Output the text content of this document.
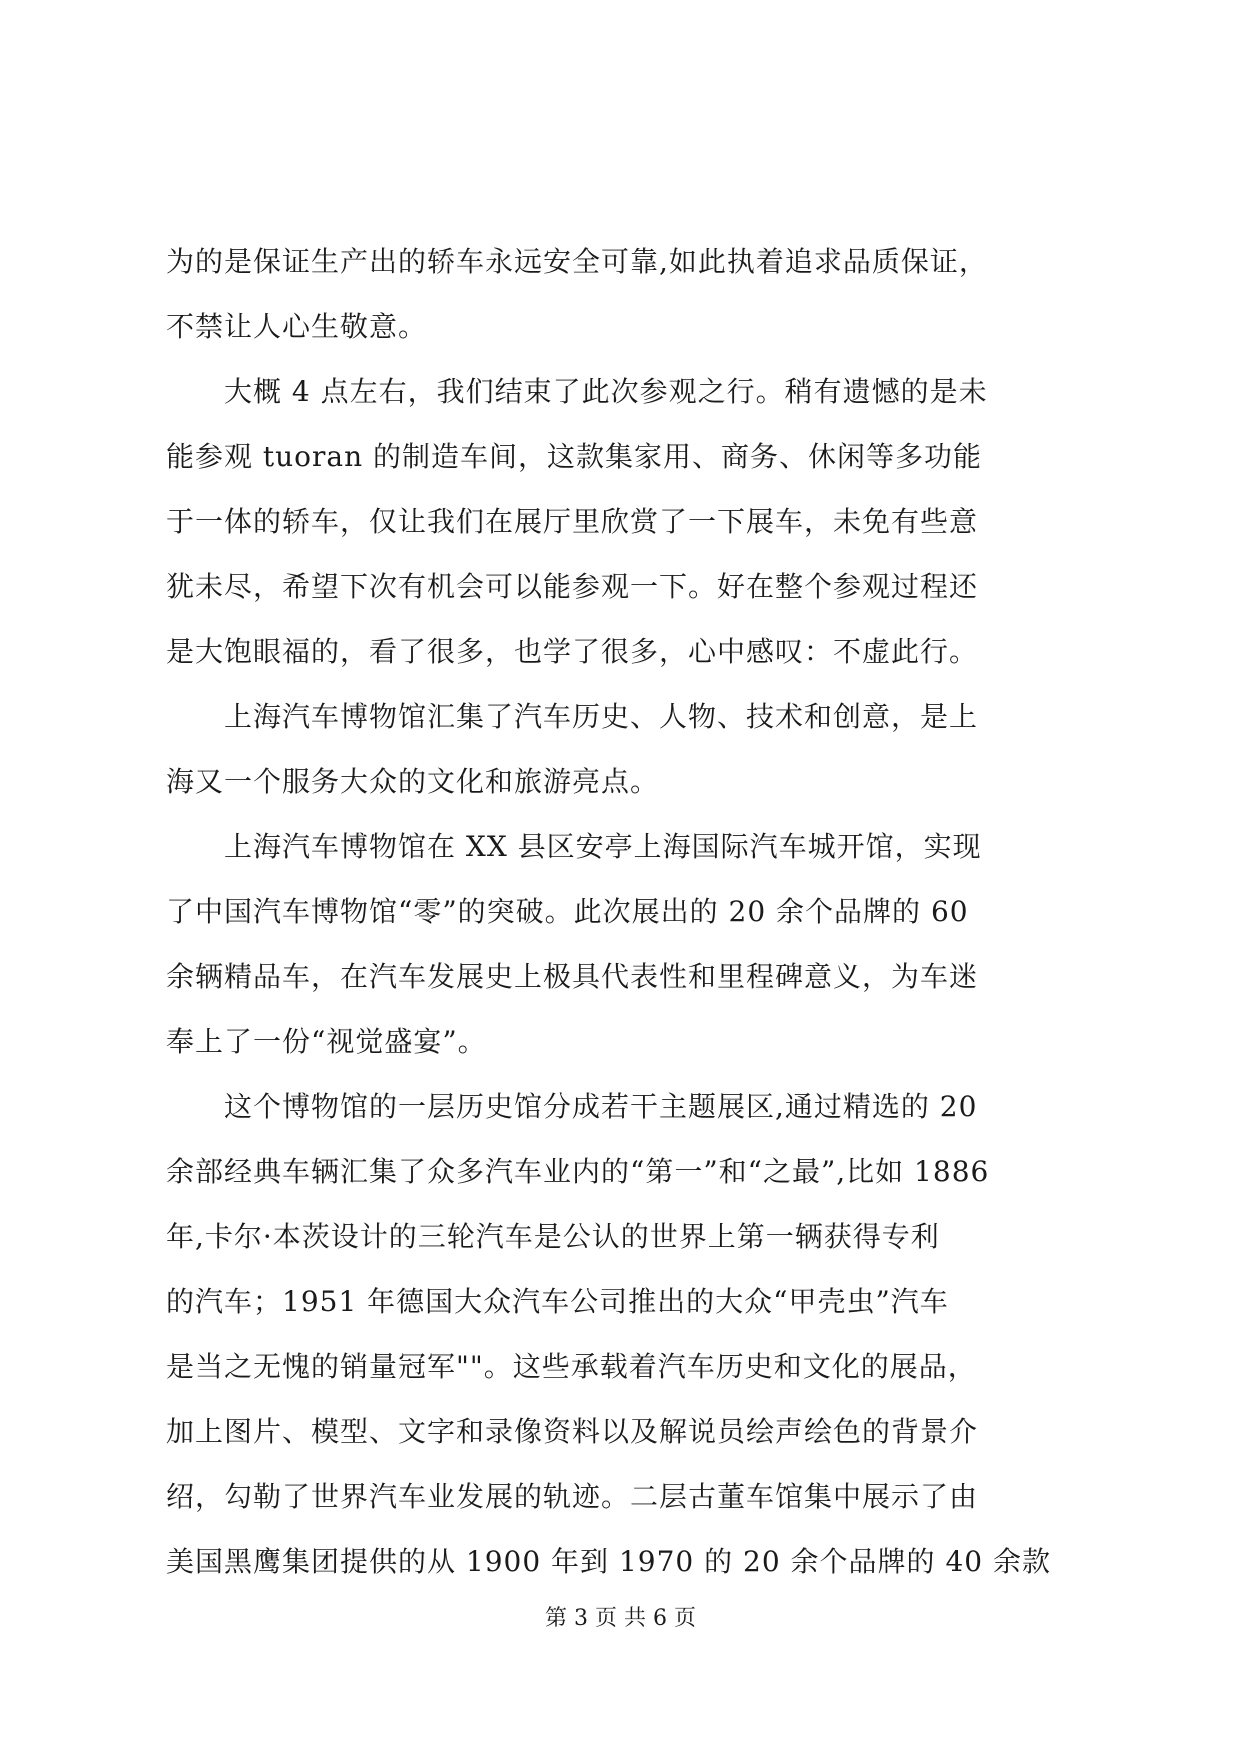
为的是保证生产出的轿车永远安全可靠,如此执着追求品质保证，
不禁让人心生敬意。
　　大概 4 点左右，我们结束了此次参观之行。稍有遗憾的是未
能参观 tuoran 的制造车间，这款集家用、商务、休闲等多功能
于一体的轿车，仅让我们在展厅里欣赏了一下展车，未免有些意
犹未尽，希望下次有机会可以能参观一下。好在整个参观过程还
是大饱眼福的，看了很多，也学了很多，心中感叹：不虚此行。
　　上海汽车博物馆汇集了汽车历史、人物、技术和创意，是上
海又一个服务大众的文化和旅游亮点。
　　上海汽车博物馆在 XX 县区安亭上海国际汽车城开馆，实现
了中国汽车博物馆“零”的突破。此次展出的 20 余个品牌的 60
余辆精品车，在汽车发展史上极具代表性和里程碑意义，为车迷
奉上了一份“视觉盛宴”。
　　这个博物馆的一层历史馆分成若干主题展区,通过精选的 20
余部经典车辆汇集了众多汽车业内的“第一”和“之最”,比如 1886
年,卡尔·本茨设计的三轮汽车是公认的世界上第一辆获得专利
的汽车；1951 年德国大众汽车公司推出的大众“甲壳虫”汽车
是当之无愧的销量冠军""。这些承载着汽车历史和文化的展品，
加上图片、模型、文字和录像资料以及解说员绘声绘色的背景介
绍，勾勒了世界汽车业发展的轨迹。二层古董车馆集中展示了由
美国黑鹰集团提供的从 1900 年到 1970 的 20 余个品牌的 40 余款
第 3 页 共 6 页
